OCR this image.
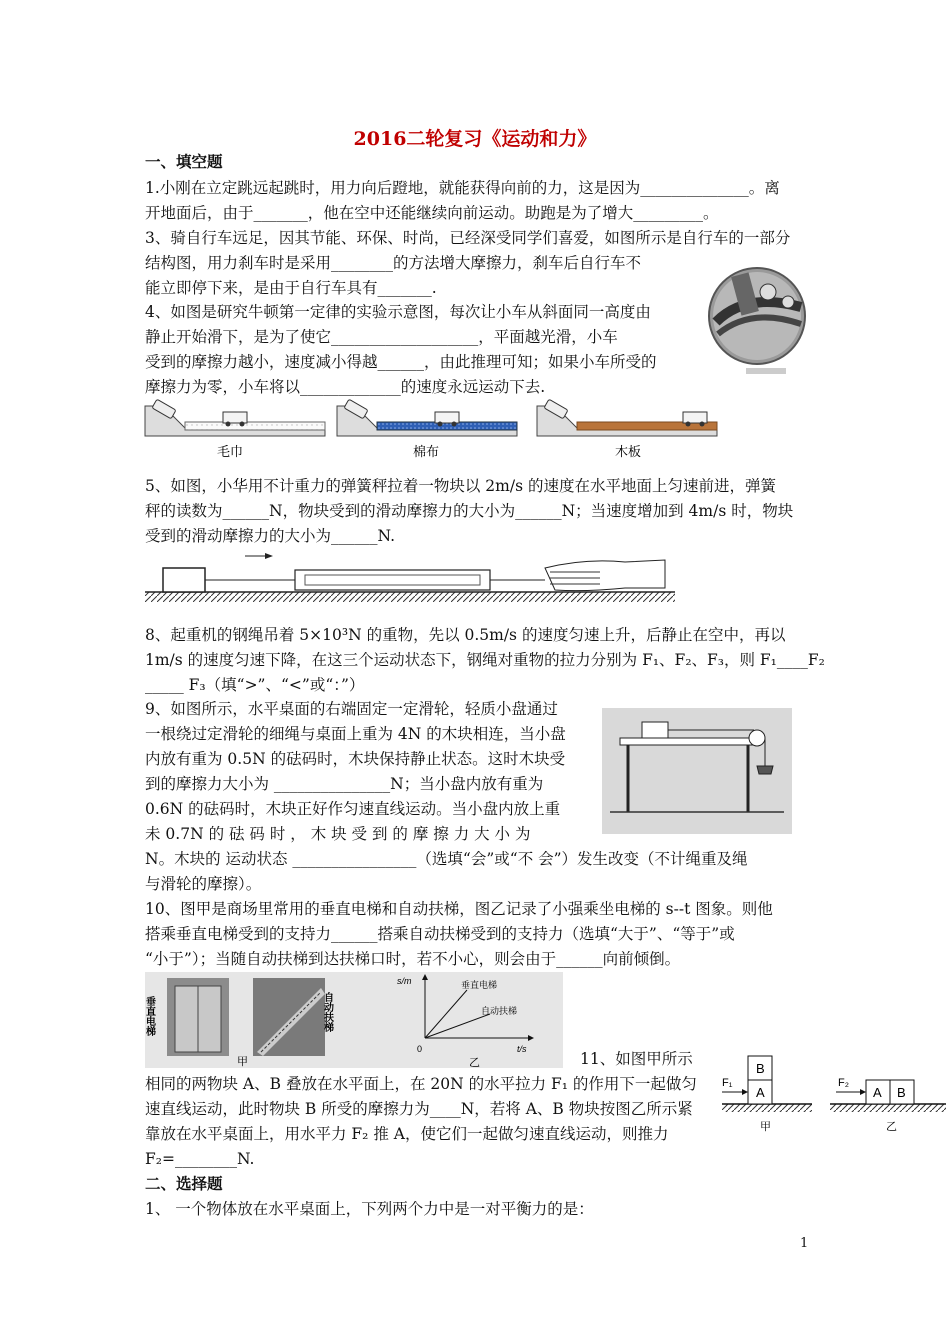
2016二轮复习《运动和力》
一、填空题
1.小刚在立定跳远起跳时，用力向后蹬地，就能获得向前的力，这是因为______________。离
开地面后，由于_______，他在空中还能继续向前运动。助跑是为了增大_________。
3、骑自行车远足，因其节能、环保、时尚，已经深受同学们喜爱，如图所示是自行车的一部分
结构图，用力刹车时是采用________的方法增大摩擦力，刹车后自行车不
能立即停下来，是由于自行车具有_______.
4、如图是研究牛顿第一定律的实验示意图，每次让小车从斜面同一高度由
静止开始滑下，是为了使它___________________，平面越光滑，小车
受到的摩擦力越小，速度减小得越______，由此推理可知；如果小车所受的
摩擦力为零，小车将以_____________的速度永远运动下去.
毛巾	棉布	木板
5、如图，小华用不计重力的弹簧秤拉着一物块以 2m/s 的速度在水平地面上匀速前进，弹簧
秤的读数为______N，物块受到的滑动摩擦力的大小为______N；当速度增加到 4m/s 时，物块
受到的滑动摩擦力的大小为______N.
8、起重机的钢绳吊着 5×10³N 的重物，先以 0.5m/s 的速度匀速上升，后静止在空中，再以
1m/s 的速度匀速下降，在这三个运动状态下，钢绳对重物的拉力分别为 F₁、F₂、F₃，则 F₁____F₂
_____ F₃（填“>”、“<”或“：”）
9、如图所示，水平桌面的右端固定一定滑轮，轻质小盘通过
一根绕过定滑轮的细绳与桌面上重为 4N 的木块相连，当小盘
内放有重为 0.5N 的砝码时，木块保持静止状态。这时木块受
到的摩擦力大小为 _______________N；当小盘内放有重为
0.6N 的砝码时，木块正好作匀速直线运动。当小盘内放上重
未 0.7N 的 砝 码 时 ， 木 块 受 到 的 摩 擦 力 大 小 为
N。木块的 运动状态 ________________（选填“会”或“不 会”）发生改变（不计绳重及绳
与滑轮的摩擦）。
10、图甲是商场里常用的垂直电梯和自动扶梯，图乙记录了小强乘坐电梯的 s--t 图象。则他
搭乘垂直电梯受到的支持力______搭乘自动扶梯受到的支持力（选填“大于”、“等于”或
“小于”）；当随自动扶梯到达扶梯口时，若不小心，则会由于______向前倾倒。
垂直电梯	自动扶梯
甲
s/m
t/s
0
垂直电梯
自动扶梯
乙	11、如图甲所示
相同的两物块 A、B 叠放在水平面上，在 20N 的水平拉力 F₁ 的作用下一起做匀
速直线运动，此时物块 B 所受的摩擦力为____N，若将 A、B 物块按图乙所示紧
靠放在水平桌面上，用水平力 F₂ 推 A，使它们一起做匀速直线运动，则推力
F₂=________N.
B
A
F₁
甲
A B
F₂
乙
二、选择题
1、 一个物体放在水平桌面上，下列两个力中是一对平衡力的是：
1
